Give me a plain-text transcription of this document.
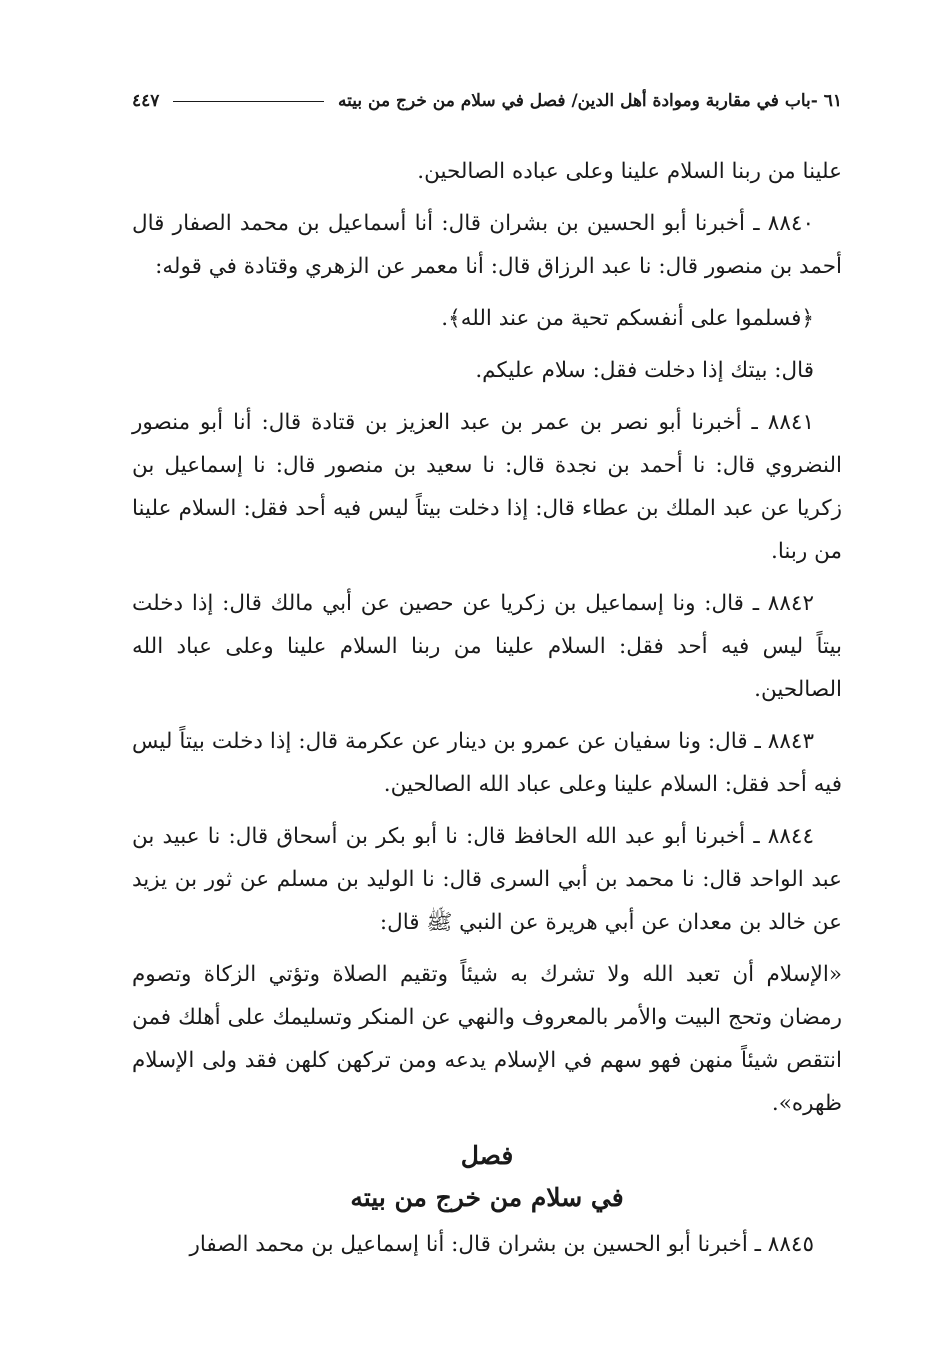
٦١ -باب في مقاربة وموادة أهل الدين/ فصل في سلام من خرج من بيته
٤٤٧

علينا من ربنا السلام علينا وعلى عباده الصالحين.

٨٨٤٠ ـ أخبرنا أبو الحسين بن بشران قال: أنا أسماعيل بن محمد الصفار قال أحمد بن منصور قال: نا عبد الرزاق قال: أنا معمر عن الزهري وقتادة في قوله:

﴿فسلموا على أنفسكم تحية من عند الله﴾.

قال: بيتك إذا دخلت فقل: سلام عليكم.

٨٨٤١ ـ أخبرنا أبو نصر بن عمر بن عبد العزيز بن قتادة قال: أنا أبو منصور النضروي قال: نا أحمد بن نجدة قال: نا سعيد بن منصور قال: نا إسماعيل بن زكريا عن عبد الملك بن عطاء قال: إذا دخلت بيتاً ليس فيه أحد فقل: السلام علينا من ربنا.

٨٨٤٢ ـ قال: ونا إسماعيل بن زكريا عن حصين عن أبي مالك قال: إذا دخلت بيتاً ليس فيه أحد فقل: السلام علينا من ربنا السلام علينا وعلى عباد الله الصالحين.

٨٨٤٣ ـ قال: ونا سفيان عن عمرو بن دينار عن عكرمة قال: إذا دخلت بيتاً ليس فيه أحد فقل: السلام علينا وعلى عباد الله الصالحين.

٨٨٤٤ ـ أخبرنا أبو عبد الله الحافظ قال: نا أبو بكر بن أسحاق قال: نا عبيد بن عبد الواحد قال: نا محمد بن أبي السرى قال: نا الوليد بن مسلم عن ثور بن يزيد عن خالد بن معدان عن أبي هريرة عن النبي ﷺ قال:

«الإسلام أن تعبد الله ولا تشرك به شيئاً وتقيم الصلاة وتؤتي الزكاة وتصوم رمضان وتحج البيت والأمر بالمعروف والنهي عن المنكر وتسليمك على أهلك فمن انتقص شيئاً منهن فهو سهم في الإسلام يدعه ومن تركهن كلهن فقد ولى الإسلام ظهره».

فصل

في سلام من خرج من بيته

٨٨٤٥ ـ أخبرنا أبو الحسين بن بشران قال: أنا إسماعيل بن محمد الصفار
